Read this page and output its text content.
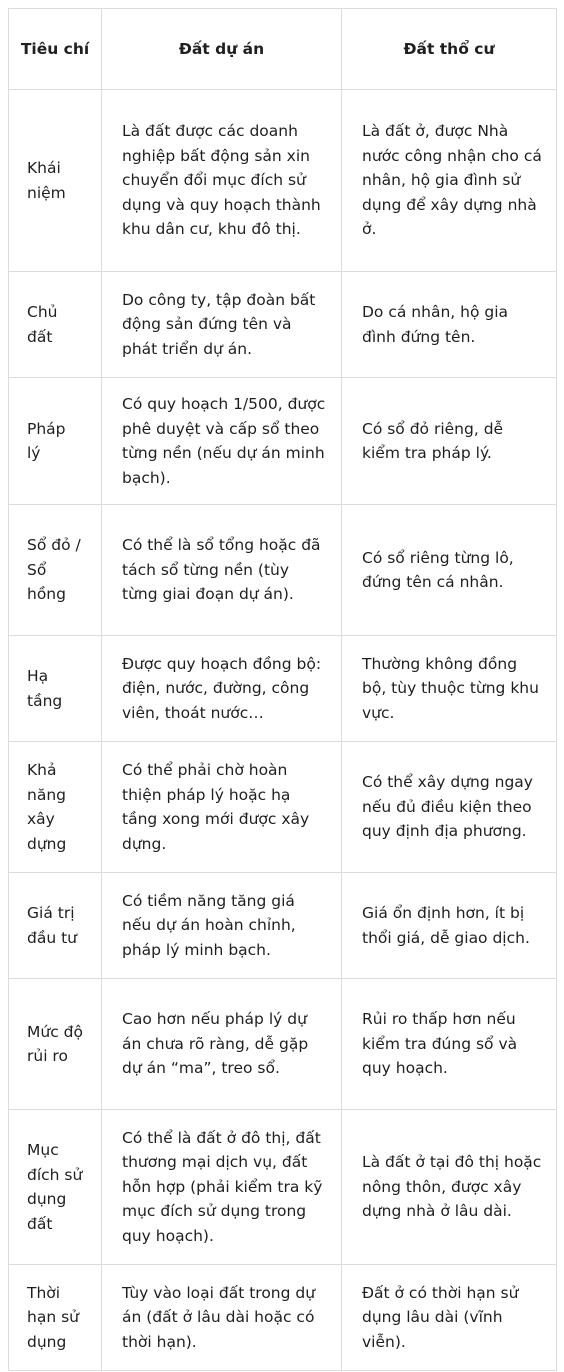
Tiêu chí	Đất dự án	Đất thổ cư
Khái niệm	Là đất được các doanh nghiệp bất động sản xin chuyển đổi mục đích sử dụng và quy hoạch thành khu dân cư, khu đô thị.	Là đất ở, được Nhà nước công nhận cho cá nhân, hộ gia đình sử dụng để xây dựng nhà ở.
Chủ đất	Do công ty, tập đoàn bất động sản đứng tên và phát triển dự án.	Do cá nhân, hộ gia đình đứng tên.
Pháp lý	Có quy hoạch 1/500, được phê duyệt và cấp sổ theo từng nền (nếu dự án minh bạch).	Có sổ đỏ riêng, dễ kiểm tra pháp lý.
Sổ đỏ / Sổ hồng	Có thể là sổ tổng hoặc đã tách sổ từng nền (tùy từng giai đoạn dự án).	Có sổ riêng từng lô, đứng tên cá nhân.
Hạ tầng	Được quy hoạch đồng bộ: điện, nước, đường, công viên, thoát nước…	Thường không đồng bộ, tùy thuộc từng khu vực.
Khả năng xây dựng	Có thể phải chờ hoàn thiện pháp lý hoặc hạ tầng xong mới được xây dựng.	Có thể xây dựng ngay nếu đủ điều kiện theo quy định địa phương.
Giá trị đầu tư	Có tiềm năng tăng giá nếu dự án hoàn chỉnh, pháp lý minh bạch.	Giá ổn định hơn, ít bị thổi giá, dễ giao dịch.
Mức độ rủi ro	Cao hơn nếu pháp lý dự án chưa rõ ràng, dễ gặp dự án “ma”, treo sổ.	Rủi ro thấp hơn nếu kiểm tra đúng sổ và quy hoạch.
Mục đích sử dụng đất	Có thể là đất ở đô thị, đất thương mại dịch vụ, đất hỗn hợp (phải kiểm tra kỹ mục đích sử dụng trong quy hoạch).	Là đất ở tại đô thị hoặc nông thôn, được xây dựng nhà ở lâu dài.
Thời hạn sử dụng	Tùy vào loại đất trong dự án (đất ở lâu dài hoặc có thời hạn).	Đất ở có thời hạn sử dụng lâu dài (vĩnh viễn).
